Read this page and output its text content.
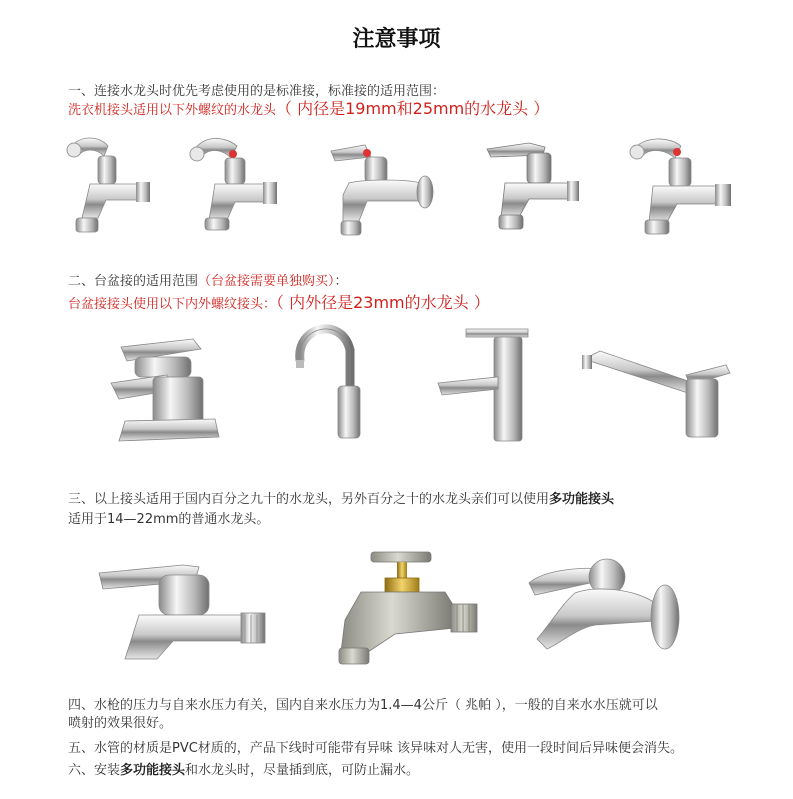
注意事项
一、连接水龙头时优先考虑使用的是标准接，标准接的适用范围：
洗衣机接头适用以下外螺纹的水龙头（ 内径是19mm和25mm的水龙头 ）
二、台盆接的适用范围（台盆接需要单独购买）：
台盆接接头使用以下内外螺纹接头：（ 内外径是23mm的水龙头 ）
三、以上接头适用于国内百分之九十的水龙头，另外百分之十的水龙头亲们可以使用多功能接头
适用于14—22mm的普通水龙头。
四、水枪的压力与自来水压力有关，国内自来水压力为1.4—4公斤（ 兆帕 ），一般的自来水水压就可以
喷射的效果很好。
五、水管的材质是PVC材质的，产品下线时可能带有异味 该异味对人无害，使用一段时间后异味便会消失。
六、安装多功能接头和水龙头时，尽量插到底，可防止漏水。
